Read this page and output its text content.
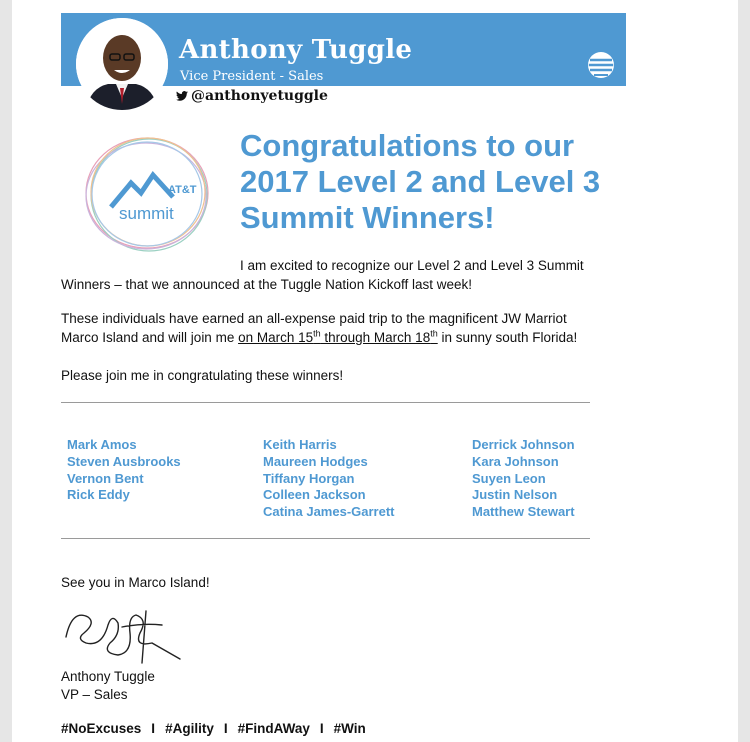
Anthony Tuggle
Vice President - Sales
@anthonyetuggle
AT&T
summit
Congratulations to our 2017 Level 2 and Level 3 Summit Winners!
I am excited to recognize our Level 2 and Level 3 Summit
Winners – that we announced at the Tuggle Nation Kickoff last week!
These individuals have earned an all-expense paid trip to the magnificent JW Marriot
Marco Island and will join me on March 15th through March 18th in sunny south Florida!
Please join me in congratulating these winners!
Mark Amos
Steven Ausbrooks
Vernon Bent
Rick Eddy
Keith Harris
Maureen Hodges
Tiffany Horgan
Colleen Jackson
Catina James-Garrett
Derrick Johnson
Kara Johnson
Suyen Leon
Justin Nelson
Matthew Stewart
See you in Marco Island!
Anthony Tuggle
VP – Sales
#NoExcuses I #Agility I #FindAWay I #Win
